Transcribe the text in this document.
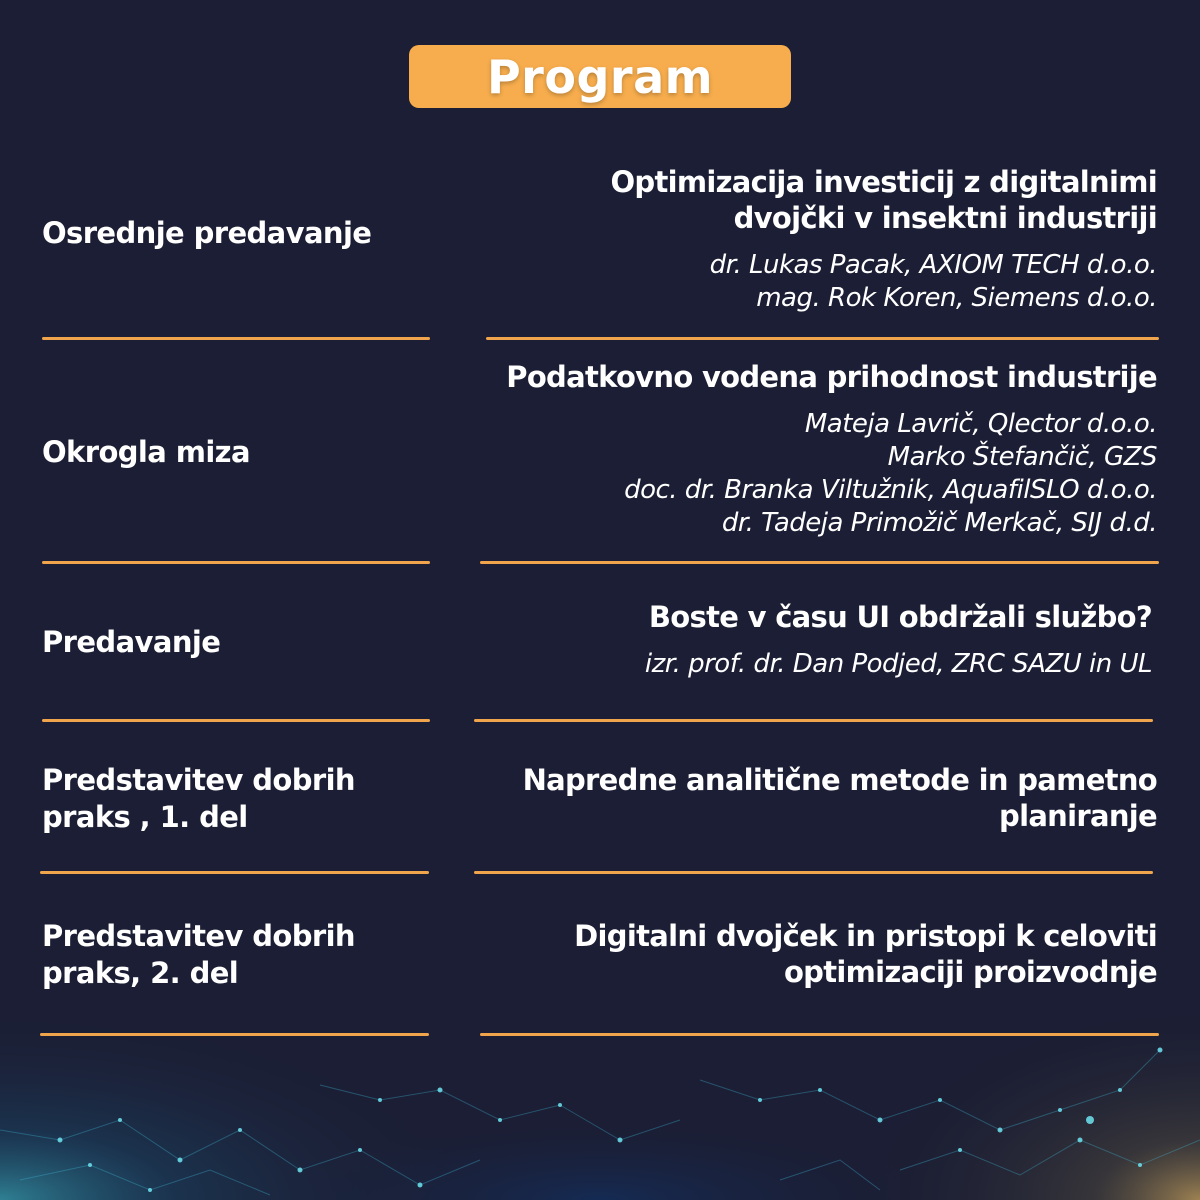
Program
Osrednje predavanje
Optimizacija investicij z digitalnimi
dvojčki v insektni industriji
dr. Lukas Pacak, AXIOM TECH d.o.o.
mag. Rok Koren, Siemens d.o.o.
Okrogla miza
Podatkovno vodena prihodnost industrije
Mateja Lavrič, Qlector d.o.o.
Marko Štefančič, GZS
doc. dr. Branka Viltužnik, AquafilSLO d.o.o.
dr. Tadeja Primožič Merkač, SIJ d.d.
Predavanje
Boste v času UI obdržali službo?
izr. prof. dr. Dan Podjed, ZRC SAZU in UL
Predstavitev dobrih
praks , 1. del
Napredne analitične metode in pametno
planiranje
Predstavitev dobrih
praks, 2. del
Digitalni dvojček in pristopi k celoviti
optimizaciji proizvodnje
